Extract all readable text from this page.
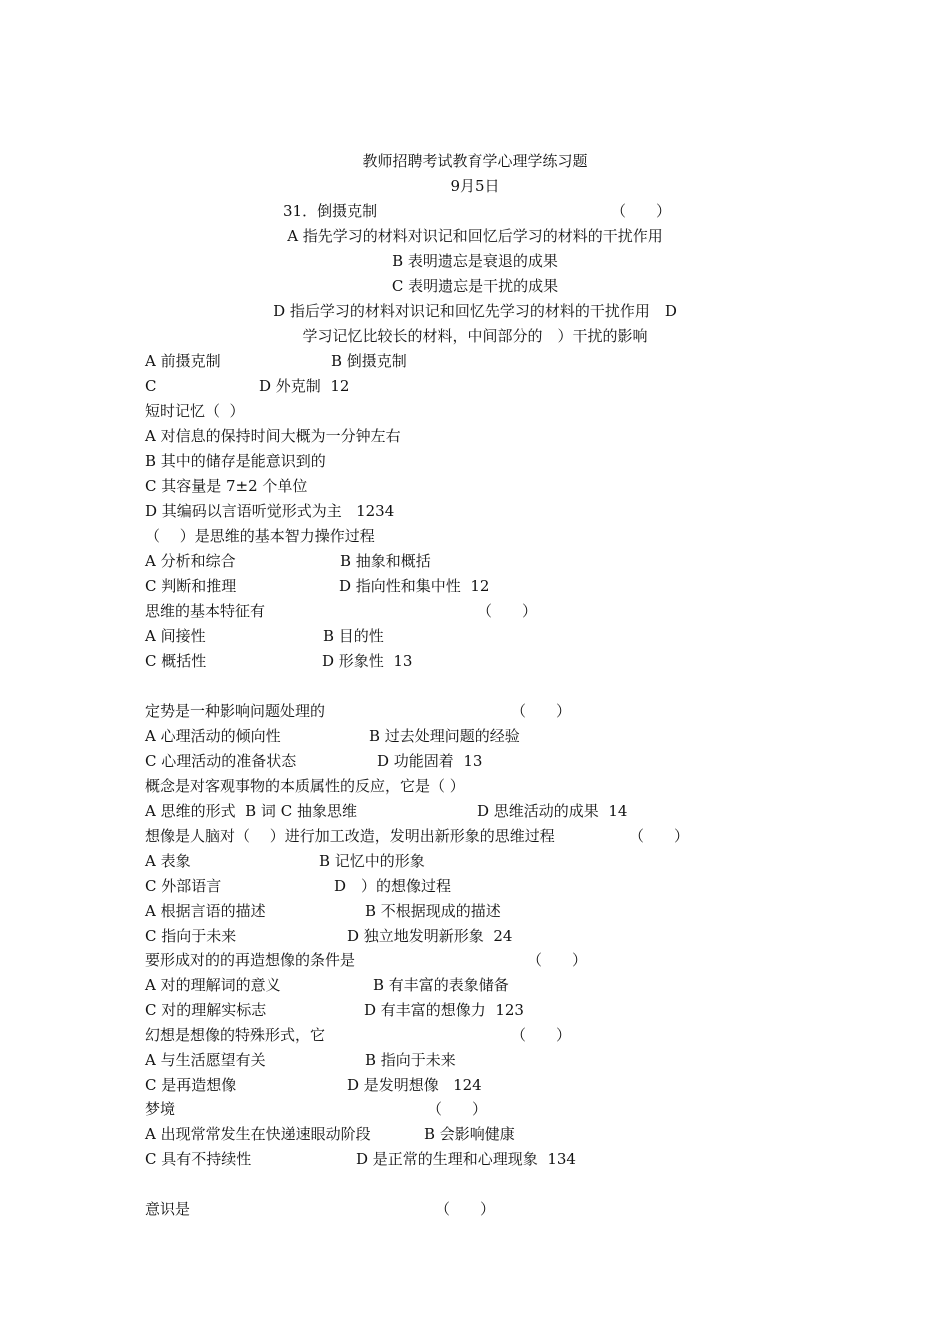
教师招聘考试教育学心理学练习题
9月5日
31．倒摄克制	（　　）
A 指先学习的材料对识记和回忆后学习的材料的干扰作用
B 表明遗忘是衰退的成果
C 表明遗忘是干扰的成果
D 指后学习的材料对识记和回忆先学习的材料的干扰作用　D
学习记忆比较长的材料，中间部分的　）干扰的影响
A 前摄克制	B 倒摄克制
C	D 外克制  12
短时记忆（  ）
A 对信息的保持时间大概为一分钟左右
B 其中的储存是能意识到的
C 其容量是 7±2 个单位
D 其编码以言语听觉形式为主   1234
（　 ）是思维的基本智力操作过程
A 分析和综合	B 抽象和概括
C 判断和推理	D 指向性和集中性  12
思维的基本特征有	（　　）
A 间接性	B 目的性
C 概括性	D 形象性  13
定势是一种影响问题处理的	（　　）
A 心理活动的倾向性	B 过去处理问题的经验
C 心理活动的准备状态	D 功能固着  13
概念是对客观事物的本质属性的反应，它是（ ）
A 思维的形式  B 词 C 抽象思维	D 思维活动的成果  14
想像是人脑对（　 ）进行加工改造，发明出新形象的思维过程	（　　）
A 表象	B 记忆中的形象
C 外部语言	D　）的想像过程
A 根据言语的描述	B 不根据现成的描述
C 指向于未来	D 独立地发明新形象  24
要形成对的的再造想像的条件是	（　　）
A 对的理解词的意义	B 有丰富的表象储备
C 对的理解实标志	D 有丰富的想像力  123
幻想是想像的特殊形式，它	（　　）
A 与生活愿望有关	B 指向于未来
C 是再造想像	D 是发明想像   124
梦境	（　　）
A 出现常常发生在快递速眼动阶段	B 会影响健康
C 具有不持续性	D 是正常的生理和心理现象  134
意识是	（　　）
